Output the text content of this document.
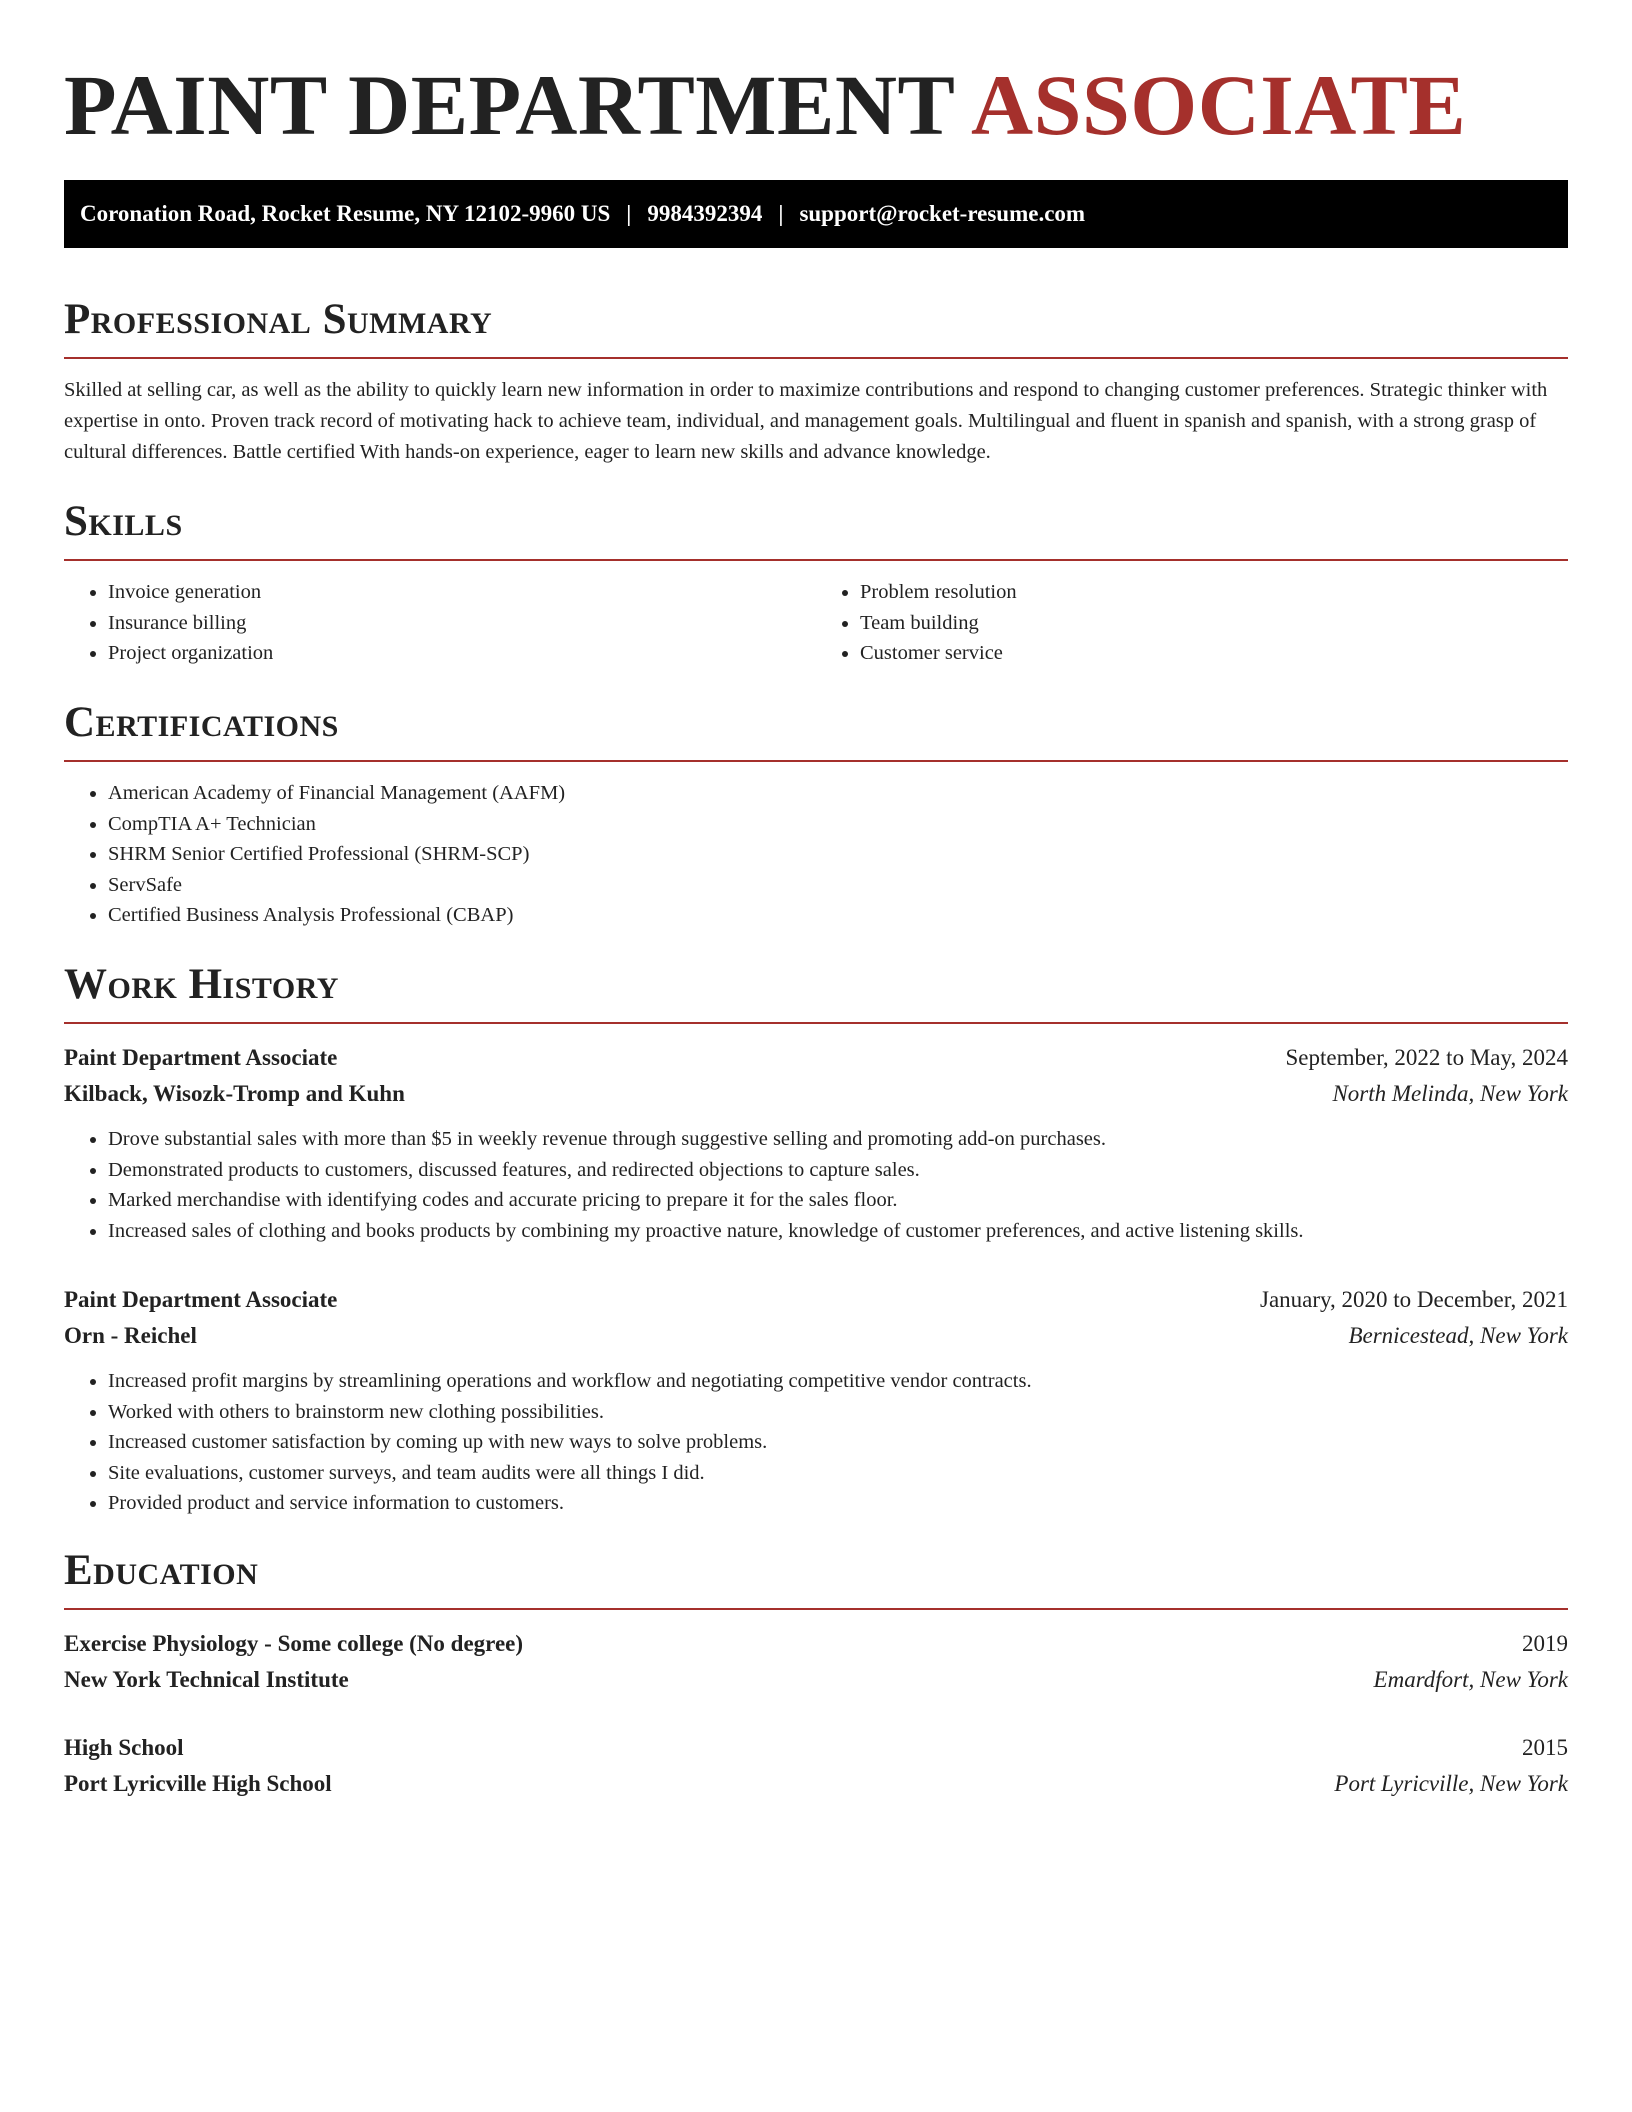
PAINT DEPARTMENT ASSOCIATE
Coronation Road, Rocket Resume, NY 12102-9960 US | 9984392394 | support@rocket-resume.com
Professional Summary

Skilled at selling car, as well as the ability to quickly learn new information in order to maximize contributions and respond to changing customer preferences. Strategic thinker with expertise in onto. Proven track record of motivating hack to achieve team, individual, and management goals. Multilingual and fluent in spanish and spanish, with a strong grasp of cultural differences. Battle certified With hands-on experience, eager to learn new skills and advance knowledge.

Skills
• Invoice generation
• Insurance billing
• Project organization
• Problem resolution
• Team building
• Customer service
Certifications
• American Academy of Financial Management (AAFM)
• CompTIA A+ Technician
• SHRM Senior Certified Professional (SHRM-SCP)
• ServSafe
• Certified Business Analysis Professional (CBAP)
Work History
Paint Department Associate	September, 2022 to May, 2024
Kilback, Wisozk-Tromp and Kuhn	North Melinda, New York
• Drove substantial sales with more than $5 in weekly revenue through suggestive selling and promoting add-on purchases.
• Demonstrated products to customers, discussed features, and redirected objections to capture sales.
• Marked merchandise with identifying codes and accurate pricing to prepare it for the sales floor.
• Increased sales of clothing and books products by combining my proactive nature, knowledge of customer preferences, and active listening skills.
Paint Department Associate	January, 2020 to December, 2021
Orn - Reichel	Bernicestead, New York
• Increased profit margins by streamlining operations and workflow and negotiating competitive vendor contracts.
• Worked with others to brainstorm new clothing possibilities.
• Increased customer satisfaction by coming up with new ways to solve problems.
• Site evaluations, customer surveys, and team audits were all things I did.
• Provided product and service information to customers.
Education
Exercise Physiology - Some college (No degree)	2019
New York Technical Institute	Emardfort, New York
High School	2015
Port Lyricville High School	Port Lyricville, New York
